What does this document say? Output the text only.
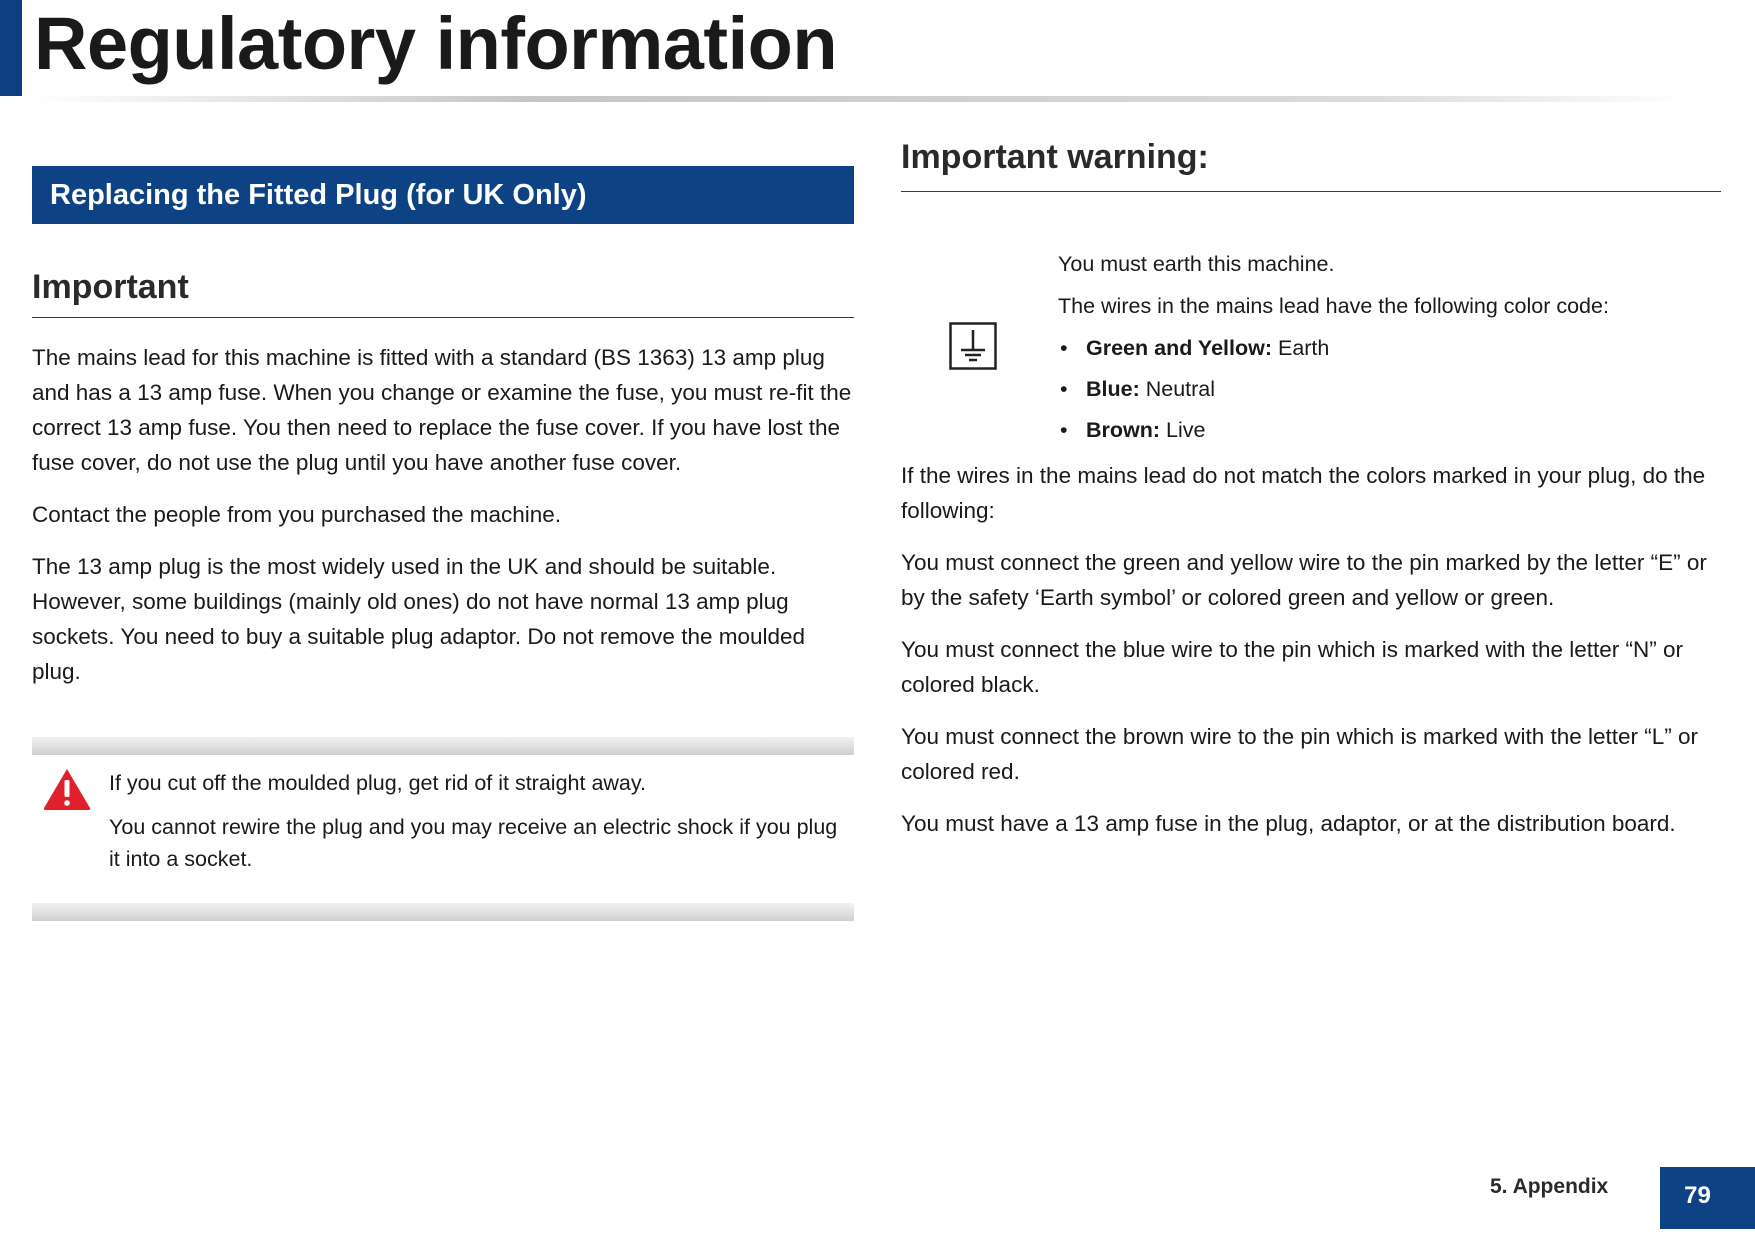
Regulatory information
Replacing the Fitted Plug (for UK Only)
Important

The mains lead for this machine is fitted with a standard (BS 1363) 13 amp plug and has a 13 amp fuse. When you change or examine the fuse, you must re-fit the correct 13 amp fuse. You then need to replace the fuse cover. If you have lost the fuse cover, do not use the plug until you have another fuse cover.

Contact the people from you purchased the machine.

The 13 amp plug is the most widely used in the UK and should be suitable. However, some buildings (mainly old ones) do not have normal 13 amp plug sockets. You need to buy a suitable plug adaptor. Do not remove the moulded plug.

If you cut off the moulded plug, get rid of it straight away.

You cannot rewire the plug and you may receive an electric shock if you plug it into a socket.

Important warning:

You must earth this machine.

The wires in the mains lead have the following color code:

• Green and Yellow: Earth
• Blue: Neutral
• Brown: Live

If the wires in the mains lead do not match the colors marked in your plug, do the following:

You must connect the green and yellow wire to the pin marked by the letter “E” or by the safety ‘Earth symbol’ or colored green and yellow or green.

You must connect the blue wire to the pin which is marked with the letter “N” or colored black.

You must connect the brown wire to the pin which is marked with the letter “L” or colored red.

You must have a 13 amp fuse in the plug, adaptor, or at the distribution board.

5. Appendix	79
